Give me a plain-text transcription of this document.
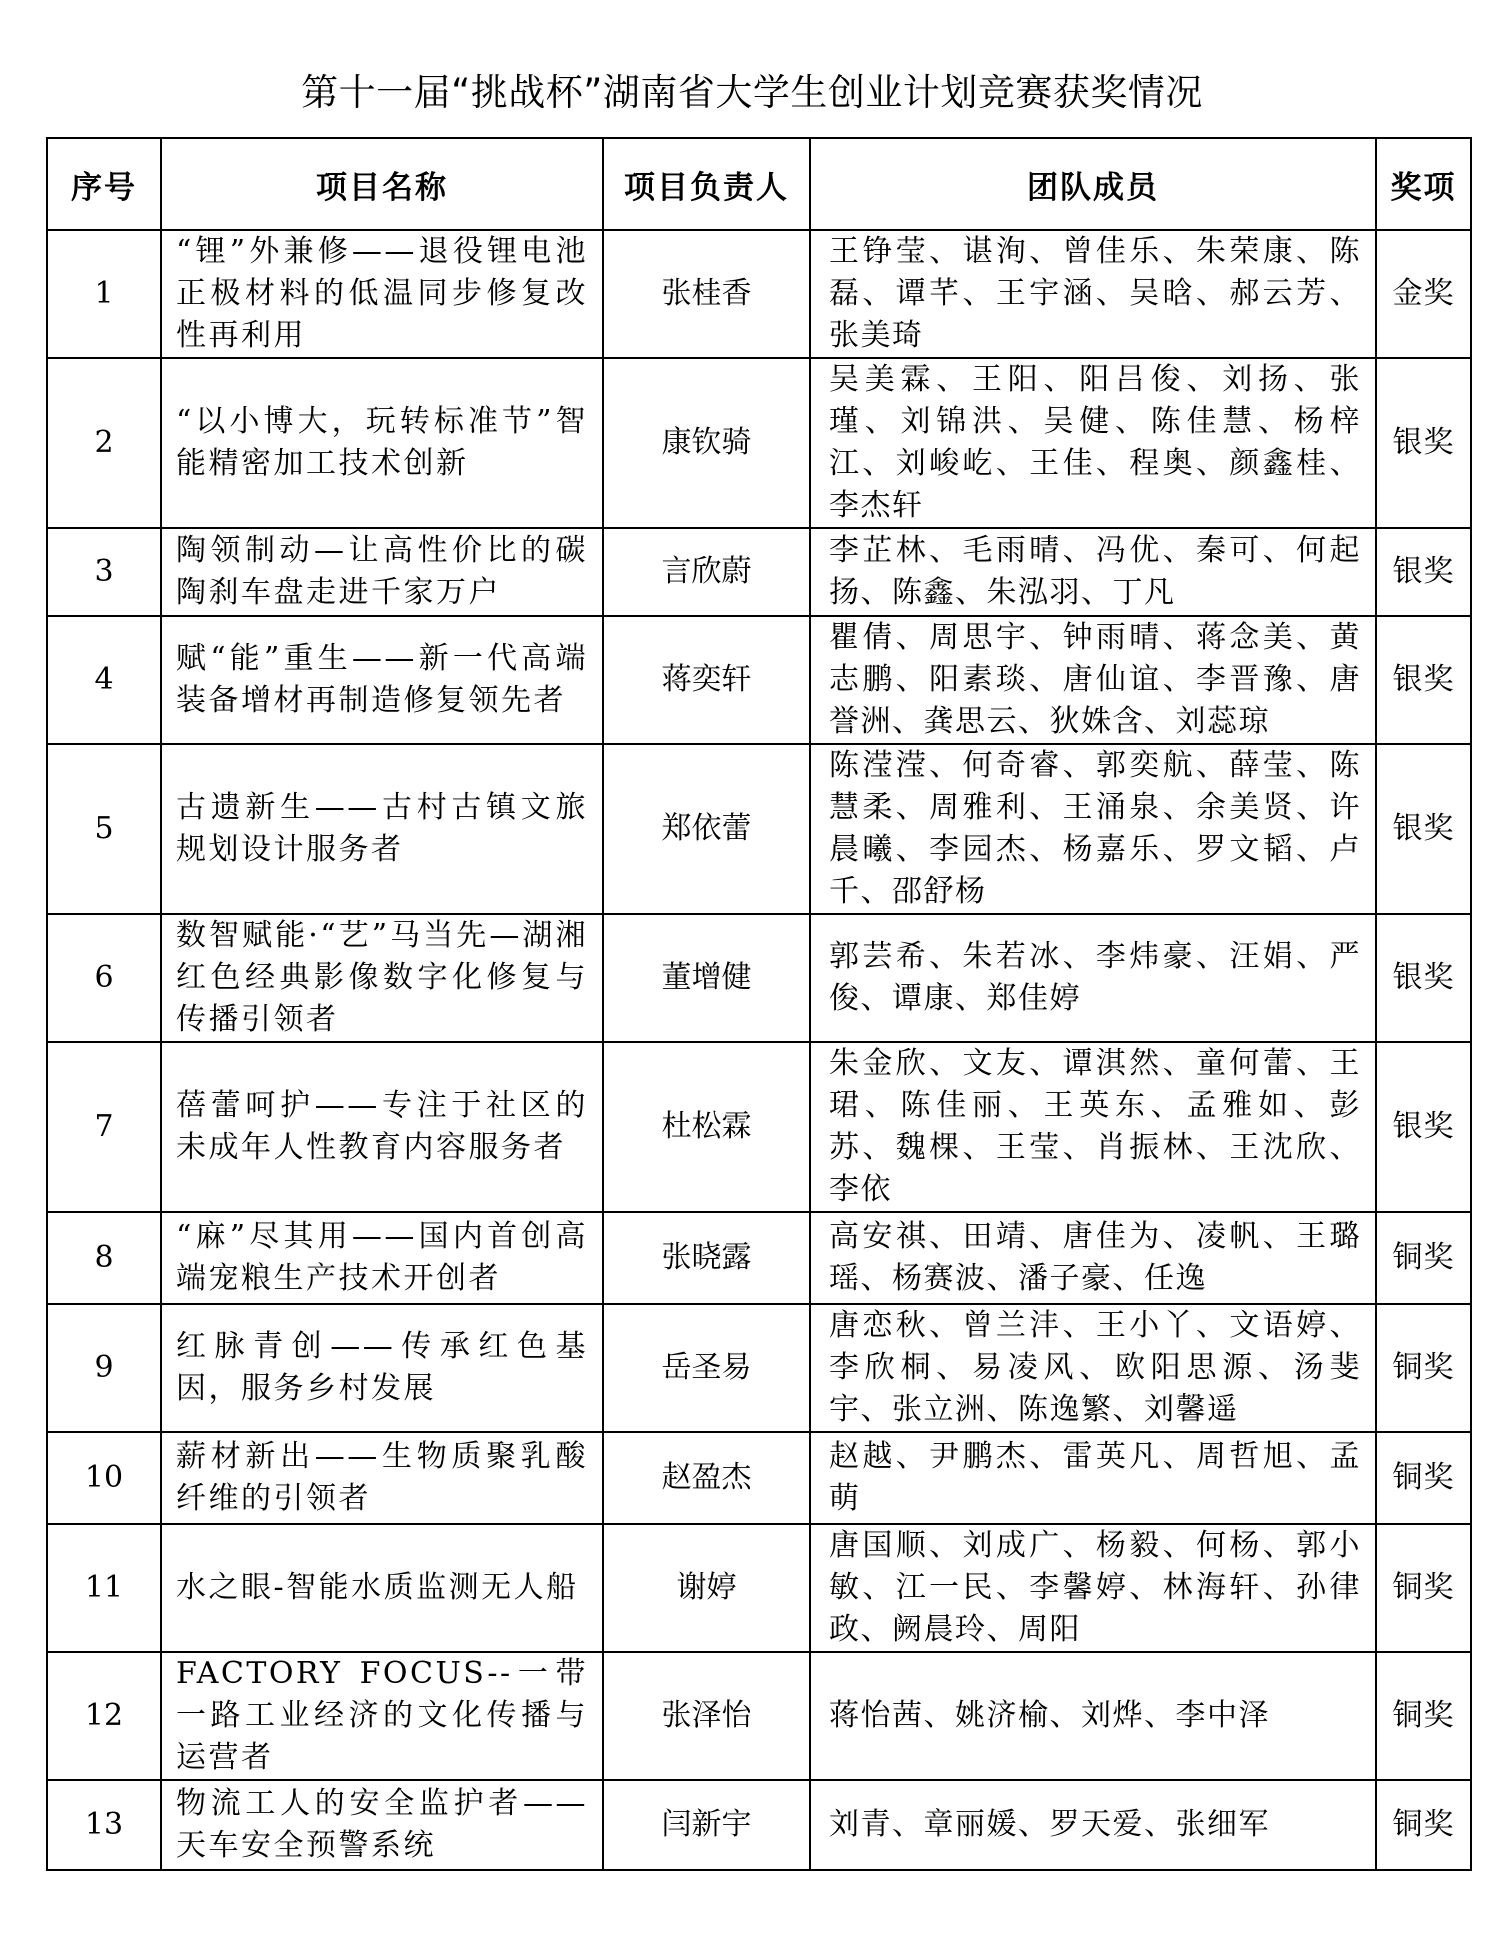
第十一届“挑战杯”湖南省大学生创业计划竞赛获奖情况
序号	项目名称	项目负责人	团队成员	奖项
1	“锂”外兼修——退役锂电池正极材料的低温同步修复改性再利用	张桂香	王铮莹、谌洵、曾佳乐、朱荣康、陈磊、谭芊、王宇涵、吴晗、郝云芳、张美琦	金奖
2	“以小博大，玩转标准节”智能精密加工技术创新	康钦骑	吴美霖、王阳、阳吕俊、刘扬、张瑾、刘锦洪、吴健、陈佳慧、杨梓江、刘峻屹、王佳、程奥、颜鑫桂、李杰轩	银奖
3	陶领制动—让高性价比的碳陶刹车盘走进千家万户	言欣蔚	李芷林、毛雨晴、冯优、秦可、何起扬、陈鑫、朱泓羽、丁凡	银奖
4	赋“能”重生——新一代高端装备增材再制造修复领先者	蒋奕轩	瞿倩、周思宇、钟雨晴、蒋念美、黄志鹏、阳素琰、唐仙谊、李晋豫、唐誉洲、龚思云、狄姝含、刘蕊琼	银奖
5	古遗新生——古村古镇文旅规划设计服务者	郑依蕾	陈滢滢、何奇睿、郭奕航、薛莹、陈慧柔、周雅利、王涌泉、余美贤、许晨曦、李园杰、杨嘉乐、罗文韬、卢千、邵舒杨	银奖
6	数智赋能·“艺”马当先—湖湘红色经典影像数字化修复与传播引领者	董增健	郭芸希、朱若冰、李炜豪、汪娟、严俊、谭康、郑佳婷	银奖
7	蓓蕾呵护——专注于社区的未成年人性教育内容服务者	杜松霖	朱金欣、文友、谭淇然、童何蕾、王珺、陈佳丽、王英东、孟雅如、彭苏、魏棵、王莹、肖振林、王沈欣、李依	银奖
8	“麻”尽其用——国内首创高端宠粮生产技术开创者	张晓露	高安祺、田靖、唐佳为、凌帆、王璐瑶、杨赛波、潘子豪、任逸	铜奖
9	红脉青创——传承红色基因，服务乡村发展	岳圣易	唐恋秋、曾兰沣、王小丫、文语婷、李欣桐、易凌风、欧阳思源、汤斐宇、张立洲、陈逸繁、刘馨遥	铜奖
10	薪材新出——生物质聚乳酸纤维的引领者	赵盈杰	赵越、尹鹏杰、雷英凡、周哲旭、孟萌	铜奖
11	水之眼-智能水质监测无人船	谢婷	唐国顺、刘成广、杨毅、何杨、郭小敏、江一民、李馨婷、林海轩、孙律政、阙晨玲、周阳	铜奖
12	FACTORY FOCUS--一带一路工业经济的文化传播与运营者	张泽怡	蒋怡茜、姚济榆、刘烨、李中泽	铜奖
13	物流工人的安全监护者——天车安全预警系统	闫新宇	刘青、章丽媛、罗天爱、张细军	铜奖
